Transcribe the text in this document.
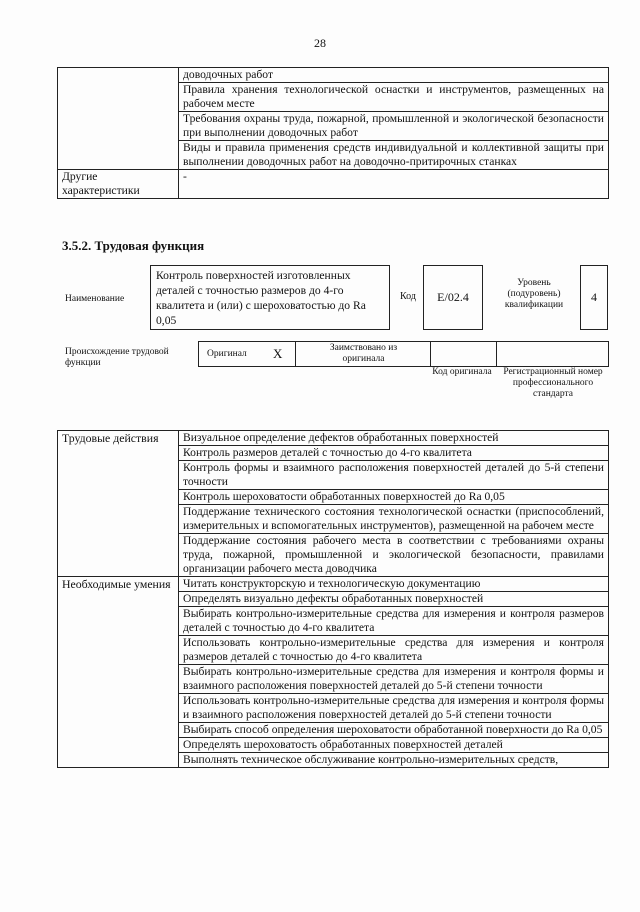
28
	доводочных работ
	Правила хранения технологической оснастки и инструментов, размещенных на рабочем месте
	Требования охраны труда, пожарной, промышленной и экологической безопасности при выполнении доводочных работ
	Виды и правила применения средств индивидуальной и коллективной защиты при выполнении доводочных работ на доводочно-притирочных станках
Другие характеристики	-
3.5.2. Трудовая функция
Наименование
Контроль поверхностей изготовленных деталей с точностью размеров до 4-го квалитета и (или) с шероховатостью до Ra 0,05
Код	E/02.4
Уровень (подуровень) квалификации
4
Происхождение трудовой функции
Оригинал X	Заимствовано из оригинала
Код оригинала	Регистрационный номер профессионального стандарта
Трудовые действия	Визуальное определение дефектов обработанных поверхностей
	Контроль размеров деталей с точностью до 4-го квалитета
	Контроль формы и взаимного расположения поверхностей деталей до 5-й степени точности
	Контроль шероховатости обработанных поверхностей до Ra 0,05
	Поддержание технического состояния технологической оснастки (приспособлений, измерительных и вспомогательных инструментов), размещенной на рабочем месте
	Поддержание состояния рабочего места в соответствии с требованиями охраны труда, пожарной, промышленной и экологической безопасности, правилами организации рабочего места доводчика
Необходимые умения	Читать конструкторскую и технологическую документацию
	Определять визуально дефекты обработанных поверхностей
	Выбирать контрольно-измерительные средства для измерения и контроля размеров деталей с точностью до 4-го квалитета
	Использовать контрольно-измерительные средства для измерения и контроля размеров деталей с точностью до 4-го квалитета
	Выбирать контрольно-измерительные средства для измерения и контроля формы и взаимного расположения поверхностей деталей до 5-й степени точности
	Использовать контрольно-измерительные средства для измерения и контроля формы и взаимного расположения поверхностей деталей до 5-й степени точности
	Выбирать способ определения шероховатости обработанной поверхности до Ra 0,05
	Определять шероховатость обработанных поверхностей деталей
	Выполнять техническое обслуживание контрольно-измерительных средств,
